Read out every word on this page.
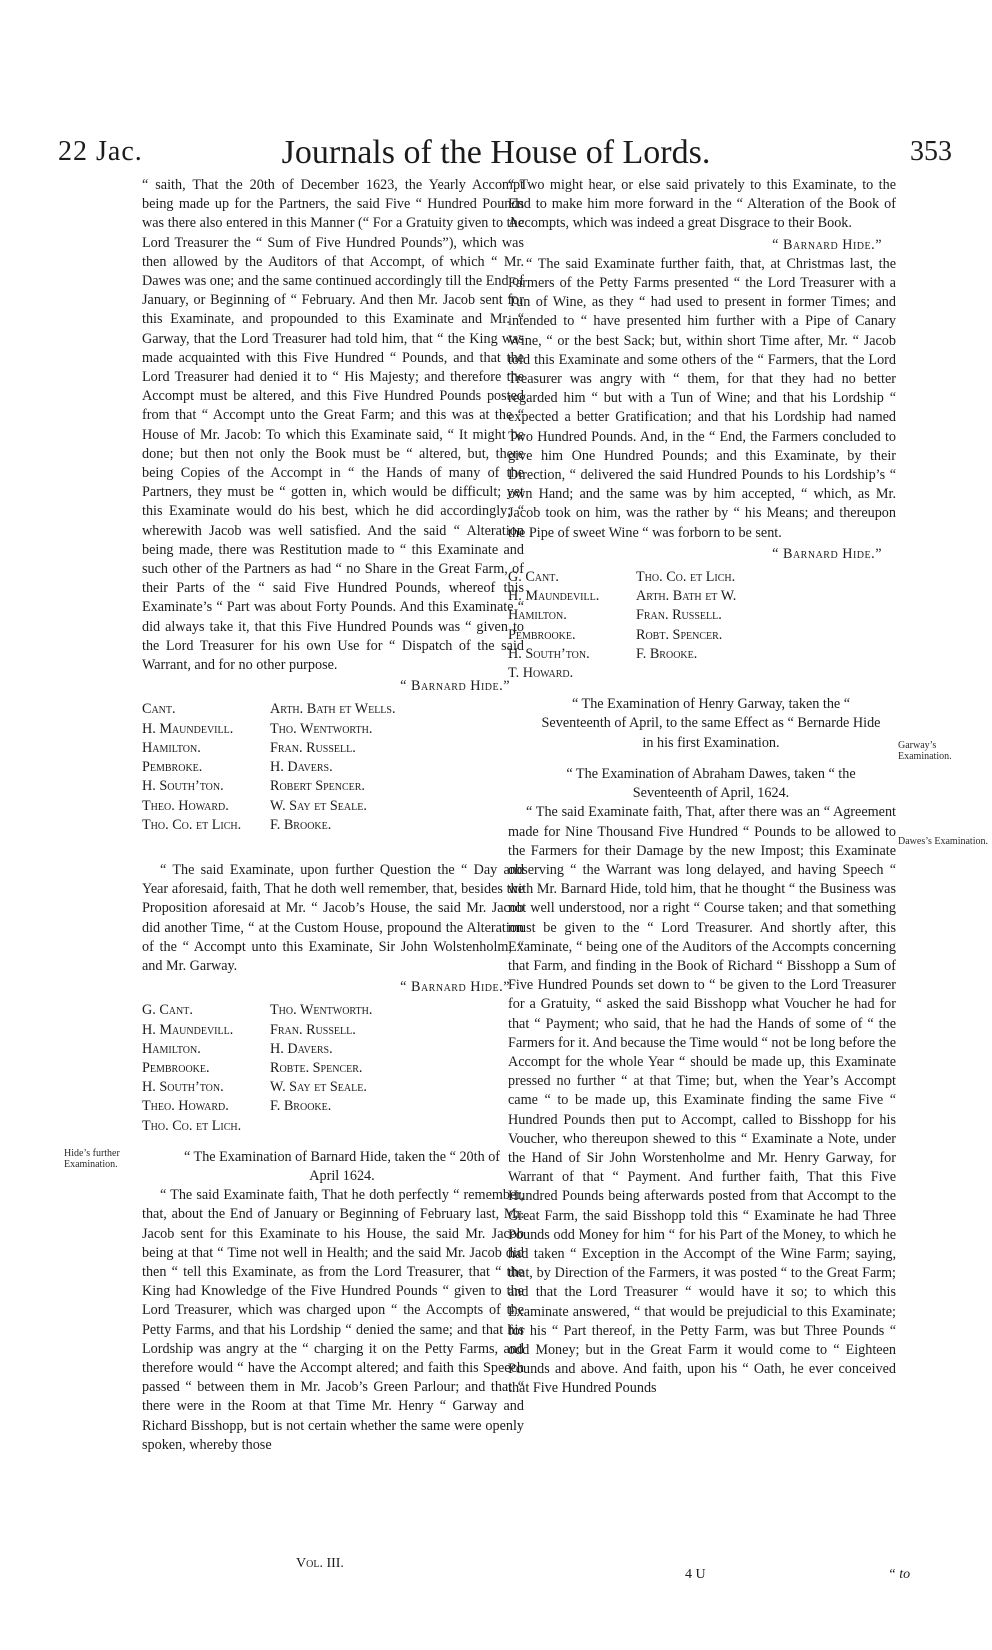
22 Jac.	Journals of the House of Lords.	353

“ saith, That the 20th of December 1623, the Yearly Accompt being made up for the Partners, the said Five “ Hundred Pounds was there also entered in this Manner (“ For a Gratuity given to the Lord Treasurer the “ Sum of Five Hundred Pounds”), which was then allowed by the Auditors of that Accompt, of which “ Mr. Dawes was one; and the same continued accordingly till the End of January, or Beginning of “ February. And then Mr. Jacob sent for this Examinate, and propounded to this Examinate and Mr. “ Garway, that the Lord Treasurer had told him, that “ the King was made acquainted with this Five Hundred “ Pounds, and that the Lord Treasurer had denied it to “ His Majesty; and therefore the Accompt must be altered, and this Five Hundred Pounds posted from that “ Accompt unto the Great Farm; and this was at the “ House of Mr. Jacob: To which this Examinate said, “ It might be done; but then not only the Book must be “ altered, but, there being Copies of the Accompt in “ the Hands of many of the Partners, they must be “ gotten in, which would be difficult; yet this Examinate would do his best, which he did accordingly; “ wherewith Jacob was well satisfied. And the said “ Alteration being made, there was Restitution made to “ this Examinate and such other of the Partners as had “ no Share in the Great Farm, of their Parts of the “ said Five Hundred Pounds, whereof this Examinate’s “ Part was about Forty Pounds. And this Examinate “ did always take it, that this Five Hundred Pounds was “ given to the Lord Treasurer for his own Use for “ Dispatch of the said Warrant, and for no other purpose.

“ Barnard Hide.”
Cant.	Arth. Bath et Wells.
H. Maundevill.	Tho. Wentworth.
Hamilton.	Fran. Russell.
Pembroke.	H. Davers.
H. South’ton.	Robert Spencer.
Theo. Howard.	W. Say et Seale.
Tho. Co. et Lich.	F. Brooke.

“ The said Examinate, upon further Question the “ Day and Year aforesaid, faith, That he doth well remember, that, besides the Proposition aforesaid at Mr. “ Jacob’s House, the said Mr. Jacob did another Time, “ at the Custom House, propound the Alteration of the “ Accompt unto this Examinate, Sir John Wolstenholm, “ and Mr. Garway.

“ Barnard Hide.”
G. Cant.	Tho. Wentworth.
H. Maundevill.	Fran. Russell.
Hamilton.	H. Davers.
Pembrooke.	Robte. Spencer.
H. South’ton.	W. Say et Seale.
Theo. Howard.	F. Brooke.
Tho. Co. et Lich.

“ The Examination of Barnard Hide, taken the “ 20th of April 1624.

“ The said Examinate faith, That he doth perfectly “ remember, that, about the End of January or Beginning of February last, Mr. Jacob sent for this Examinate to his House, the said Mr. Jacob being at that “ Time not well in Health; and the said Mr. Jacob did then “ tell this Examinate, as from the Lord Treasurer, that “ the King had Knowledge of the Five Hundred Pounds “ given to the Lord Treasurer, which was charged upon “ the Accompts of the Petty Farms, and that his Lordship “ denied the same; and that his Lordship was angry at the “ charging it on the Petty Farms, and therefore would “ have the Accompt altered; and faith this Speech passed “ between them in Mr. Jacob’s Green Parlour; and that “ there were in the Room at that Time Mr. Henry “ Garway and Richard Bisshopp, but is not certain whether the same were openly spoken, whereby those

“ Two might hear, or else said privately to this Examinate, to the End to make him more forward in the “ Alteration of the Book of Accompts, which was indeed a great Disgrace to their Book.

“ Barnard Hide.”

“ The said Examinate further faith, that, at Christmas last, the Farmers of the Petty Farms presented “ the Lord Treasurer with a Tun of Wine, as they “ had used to present in former Times; and intended to “ have presented him further with a Pipe of Canary Wine, “ or the best Sack; but, within short Time after, Mr. “ Jacob told this Examinate and some others of the “ Farmers, that the Lord Treasurer was angry with “ them, for that they had no better regarded him “ but with a Tun of Wine; and that his Lordship “ expected a better Gratification; and that his Lordship had named Two Hundred Pounds. And, in the “ End, the Farmers concluded to give him One Hundred Pounds; and this Examinate, by their Direction, “ delivered the said Hundred Pounds to his Lordship’s “ own Hand; and the same was by him accepted, “ which, as Mr. Jacob took on him, was the rather by “ his Means; and thereupon the Pipe of sweet Wine “ was forborn to be sent.

“ Barnard Hide.”
G. Cant.	Tho. Co. et Lich.
H. Maundevill.	Arth. Bath et W.
Hamilton.	Fran. Russell.
Pembrooke.	Robt. Spencer.
H. South’ton.	F. Brooke.
T. Howard.

“ The Examination of Henry Garway, taken the “ Seventeenth of April, to the same Effect as “ Bernarde Hide in his first Examination.

“ The Examination of Abraham Dawes, taken “ the Seventeenth of April, 1624.

“ The said Examinate faith, That, after there was an “ Agreement made for Nine Thousand Five Hundred “ Pounds to be allowed to the Farmers for their Damage by the new Impost; this Examinate observing “ the Warrant was long delayed, and having Speech “ with Mr. Barnard Hide, told him, that he thought “ the Business was not well understood, nor a right “ Course taken; and that something must be given to the “ Lord Treasurer. And shortly after, this Examinate, “ being one of the Auditors of the Accompts concerning that Farm, and finding in the Book of Richard “ Bisshopp a Sum of Five Hundred Pounds set down to “ be given to the Lord Treasurer for a Gratuity, “ asked the said Bisshopp what Voucher he had for that “ Payment; who said, that he had the Hands of some of “ the Farmers for it. And because the Time would “ not be long before the Accompt for the whole Year “ should be made up, this Examinate pressed no further “ at that Time; but, when the Year’s Accompt came “ to be made up, this Examinate finding the same Five “ Hundred Pounds then put to Accompt, called to Bisshopp for his Voucher, who thereupon shewed to this “ Examinate a Note, under the Hand of Sir John Worstenholme and Mr. Henry Garway, for Warrant of that “ Payment. And further faith, That this Five Hundred Pounds being afterwards posted from that Accompt to the Great Farm, the said Bisshopp told this “ Examinate he had Three Pounds odd Money for him “ for his Part of the Money, to which he had taken “ Exception in the Accompt of the Wine Farm; saying, that, by Direction of the Farmers, it was posted “ to the Great Farm; and that the Lord Treasurer “ would have it so; to which this Examinate answered, “ that would be prejudicial to this Examinate; for his “ Part thereof, in the Petty Farm, was but Three Pounds “ odd Money; but in the Great Farm it would come to “ Eighteen Pounds and above. And faith, upon his “ Oath, he ever conceived that Five Hundred Pounds

Hide’s further Examination.
Garway’s Examination.
Dawes’s Examination.
Vol. III.
4 U	“ to
